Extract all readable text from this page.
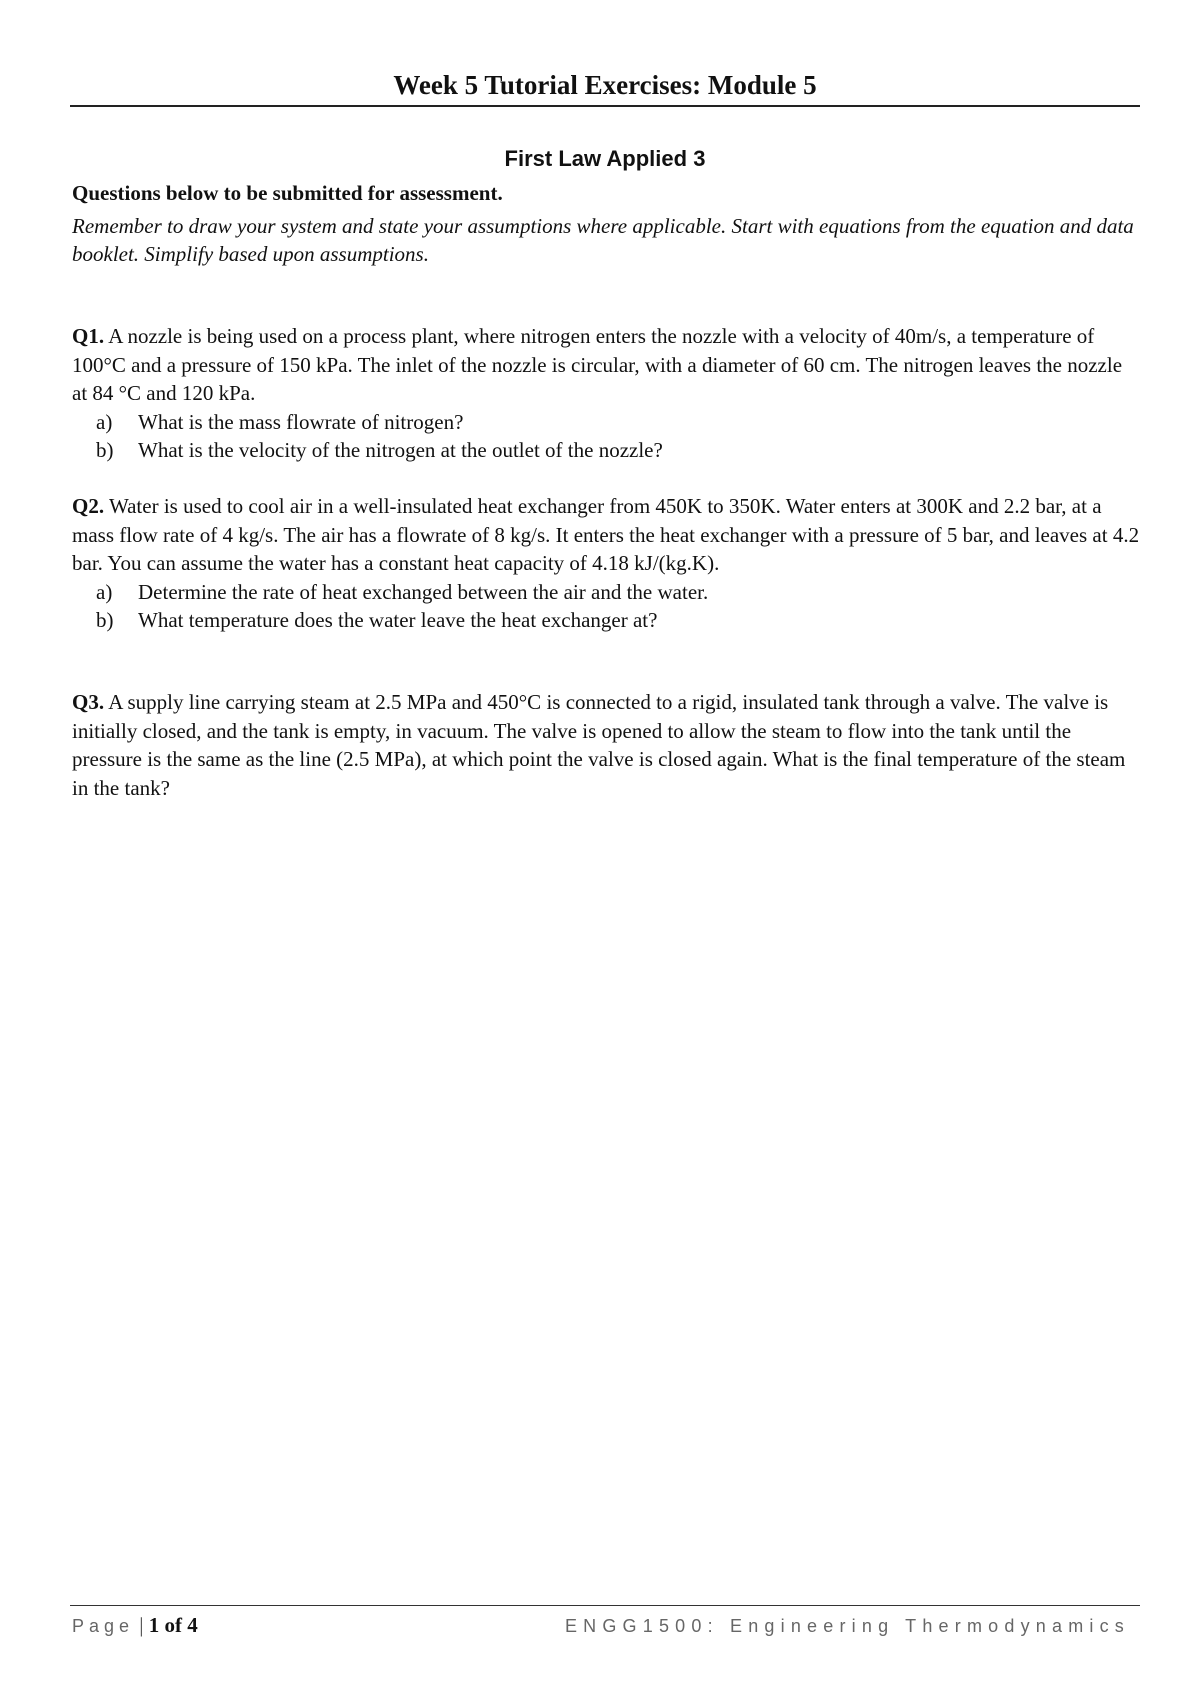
Week 5 Tutorial Exercises: Module 5
First Law Applied 3
Questions below to be submitted for assessment.
Remember to draw your system and state your assumptions where applicable. Start with equations from the equation and data booklet. Simplify based upon assumptions.
Q1. A nozzle is being used on a process plant, where nitrogen enters the nozzle with a velocity of 40m/s, a temperature of 100°C and a pressure of 150 kPa. The inlet of the nozzle is circular, with a diameter of 60 cm. The nitrogen leaves the nozzle at 84 °C and 120 kPa.
a)	What is the mass flowrate of nitrogen?
b)	What is the velocity of the nitrogen at the outlet of the nozzle?
Q2. Water is used to cool air in a well-insulated heat exchanger from 450K to 350K. Water enters at 300K and 2.2 bar, at a mass flow rate of 4 kg/s. The air has a flowrate of 8 kg/s. It enters the heat exchanger with a pressure of 5 bar, and leaves at 4.2 bar. You can assume the water has a constant heat capacity of 4.18 kJ/(kg.K).
a)	Determine the rate of heat exchanged between the air and the water.
b)	What temperature does the water leave the heat exchanger at?
Q3. A supply line carrying steam at 2.5 MPa and 450°C is connected to a rigid, insulated tank through a valve. The valve is initially closed, and the tank is empty, in vacuum. The valve is opened to allow the steam to flow into the tank until the pressure is the same as the line (2.5 MPa), at which point the valve is closed again. What is the final temperature of the steam in the tank?
Page | 1 of 4	ENGG1500: Engineering Thermodynamics
